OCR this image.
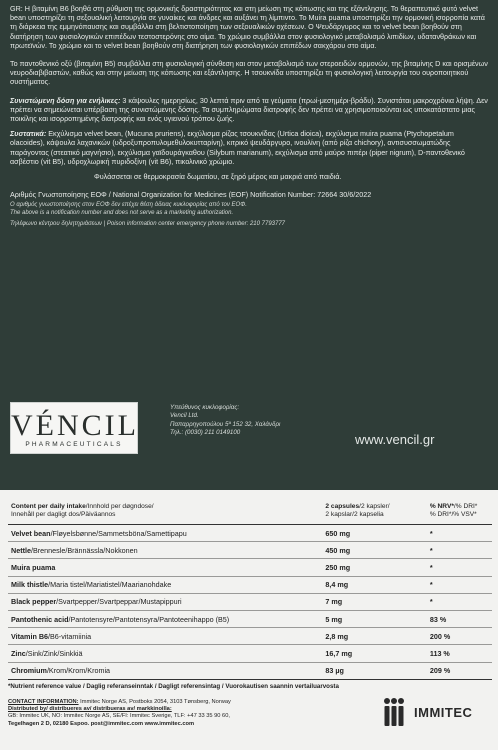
GR: Η βιταμίνη Β6 βοηθά στη ρύθμιση της ορμονικής δραστηριότητας και στη μείωση της κόπωσης και της εξάντλησης. Το θεραπευτικό φυτό velvet bean υποστηρίζει τη σεξουαλική λειτουργία σε γυναίκες και άνδρες και αυξάνει τη λίμπιντο. Το Muira puama υποστηρίζει την ορμονική ισορροπία κατά τη διάρκεια της εμμηνόπαυσης και συμβάλλει στη βελτιστοποίηση των σεξουαλικών οχέσεων. Ο Ψευδάργυρος και το velvet bean βοηθούν στη διατήρηση των φυσιολογικών επιπέδων τεστοστερόνης στο αίμα. Το χρώμιο συμβάλλει στον φυσιολογικό μεταβολισμό λιπιδίων, υδατανθράκων και πρωτεϊνών. Το χρώμιο και το velvet bean βοηθούν στη διατήρηση των φυσιολογικών επιπέδων σακχάρου στο αίμα.

Το παντοθενικό οξύ (βιταμίνη Β5) συμβάλλει στη φυσιολογική σύνθεση και στον μεταβολισμό των στεροειδών ορμονών, της βιταμίνης D και ορισμένων νευροδιαβιβαστών, καθώς και στην μείωση της κόπωσης και εξάντλησης. Η τσουκνίδα υποστηρίζει τη φυσιολογική λειτουργία του ουροποιητικού συστήματος.

Συνιστώμενη δόση για ενήλικες: 3 κάψουλες ημερησίως, 30 λεπτά πριν από τα γεύματα (πρωί-μεσημέρι-βράδυ). Συνιστάται μακροχρόνια λήψη. Δεν πρέπει να σημειώνεται υπέρβαση της συνιστώμενης δόσης. Τα συμπληρώματα διατροφής δεν πρέπει να χρησιμοποιούνται ως υποκατάστατο μιας ποικίλης και ισορροπημένης διατροφής και ενός υγιεινού τρόπου ζωής.

Συστατικά: Εκχύλισμα velvet bean, (Mucuna pruriens), εκχύλισμα ρίζας τσουκνίδας (Urtica dioica), εκχύλισμα muira puama (Ptychopetalum olacoides), κάψουλα λαχανικών (υδροξυπροπυλομεθυλοκυτταρίνη), κιτρικό ψευδάργυρο, ινουλίνη (από ρίζα chichory), αντισυσσωματώδης παράγοντας (στεατικό μαγνήσιο), εκχύλισμα γαϊδουράγκαθου (Silybum marianum), εκχύλισμα από μαύρο πιπέρι (piper nigrum), D-παντοθενικό ασβέστιο (vit B5), υδροχλωρική πυριδοξίνη (vit B6), πικολινικό χρώμιο.

Φυλάσσεται σε θερμοκρασία δωματίου, σε ξηρό μέρος και μακριά από παιδιά.

Αριθμός Γνωστοποίησης ΕΟΦ / National Organization for Medicines (EOF) Notification Number: 72664 30/6/2022

Ο αριθμός γνωστοποίησης στον ΕΟΦ δεν επέχει θέση άδειας κυκλοφορίας από τον ΕΟΦ.

The above is a notification number and does not serve as a marketing authorization.

Τηλέφωνο κέντρου δηλητηριάσεων | Poison information center emergency phone number: 210 7793777

VÉNCIL
PHARMACEUTICALS
Υπεύθυνος κυκλοφορίας:
Vencil Ltd.
Παπαρρηγοπούλου 5ª 152 32, Χαλάνδρι
Τηλ.: (0030) 211 0149100	www.vencil.gr
Content per daily intake/Innhold per døgndose/
Innehåll per dagligt dos/Päiväannos	2 capsules/2 kapsler/
2 kapslar/2 kapselia	% NRV*/% DRI*
% DRI*/% VSV*
Velvet bean/Fløyelsbønne/Sammetsböna/Samettipapu	650 mg	*
Nettle/Brennesle/Brännässla/Nokkonen	450 mg	*
Muira puama	250 mg	*
Milk thistle/Maria tistel/Mariatistel/Maarianohdake	8,4 mg	*
Black pepper/Svartpepper/Svartpeppar/Mustapippuri	7 mg	*
Pantothenic acid/Pantotensyre/Pantotensyra/Pantoteenihappo (B5)	5 mg	83 %
Vitamin B6/B6-vitamiinia	2,8 mg	200 %
Zinc/Sink/Zink/Sinkkiä	16,7 mg	113 %
Chromium/Krom/Krom/Kromia	83 µg	209 %
*Nutrient reference value / Daglig referanseinntak / Dagligt referensintag / Vuorokautisen saannin vertailuarvosta
CONTACT INFORMATION: Immitec Norge AS, Postboks 2054, 3103 Tønsberg, Norway
Distributed by/ distribueres av/ distribueras av/ markkinoilla:
GB: Immitec UK, NO: Immitec Norge AS, SE/FI: Immitec Sverige, TLF: +47 33 35 90 60,
Tegelhagen 2 D, 02180 Espoo. post@immitec.com www.immitec.com
IMMITEC
